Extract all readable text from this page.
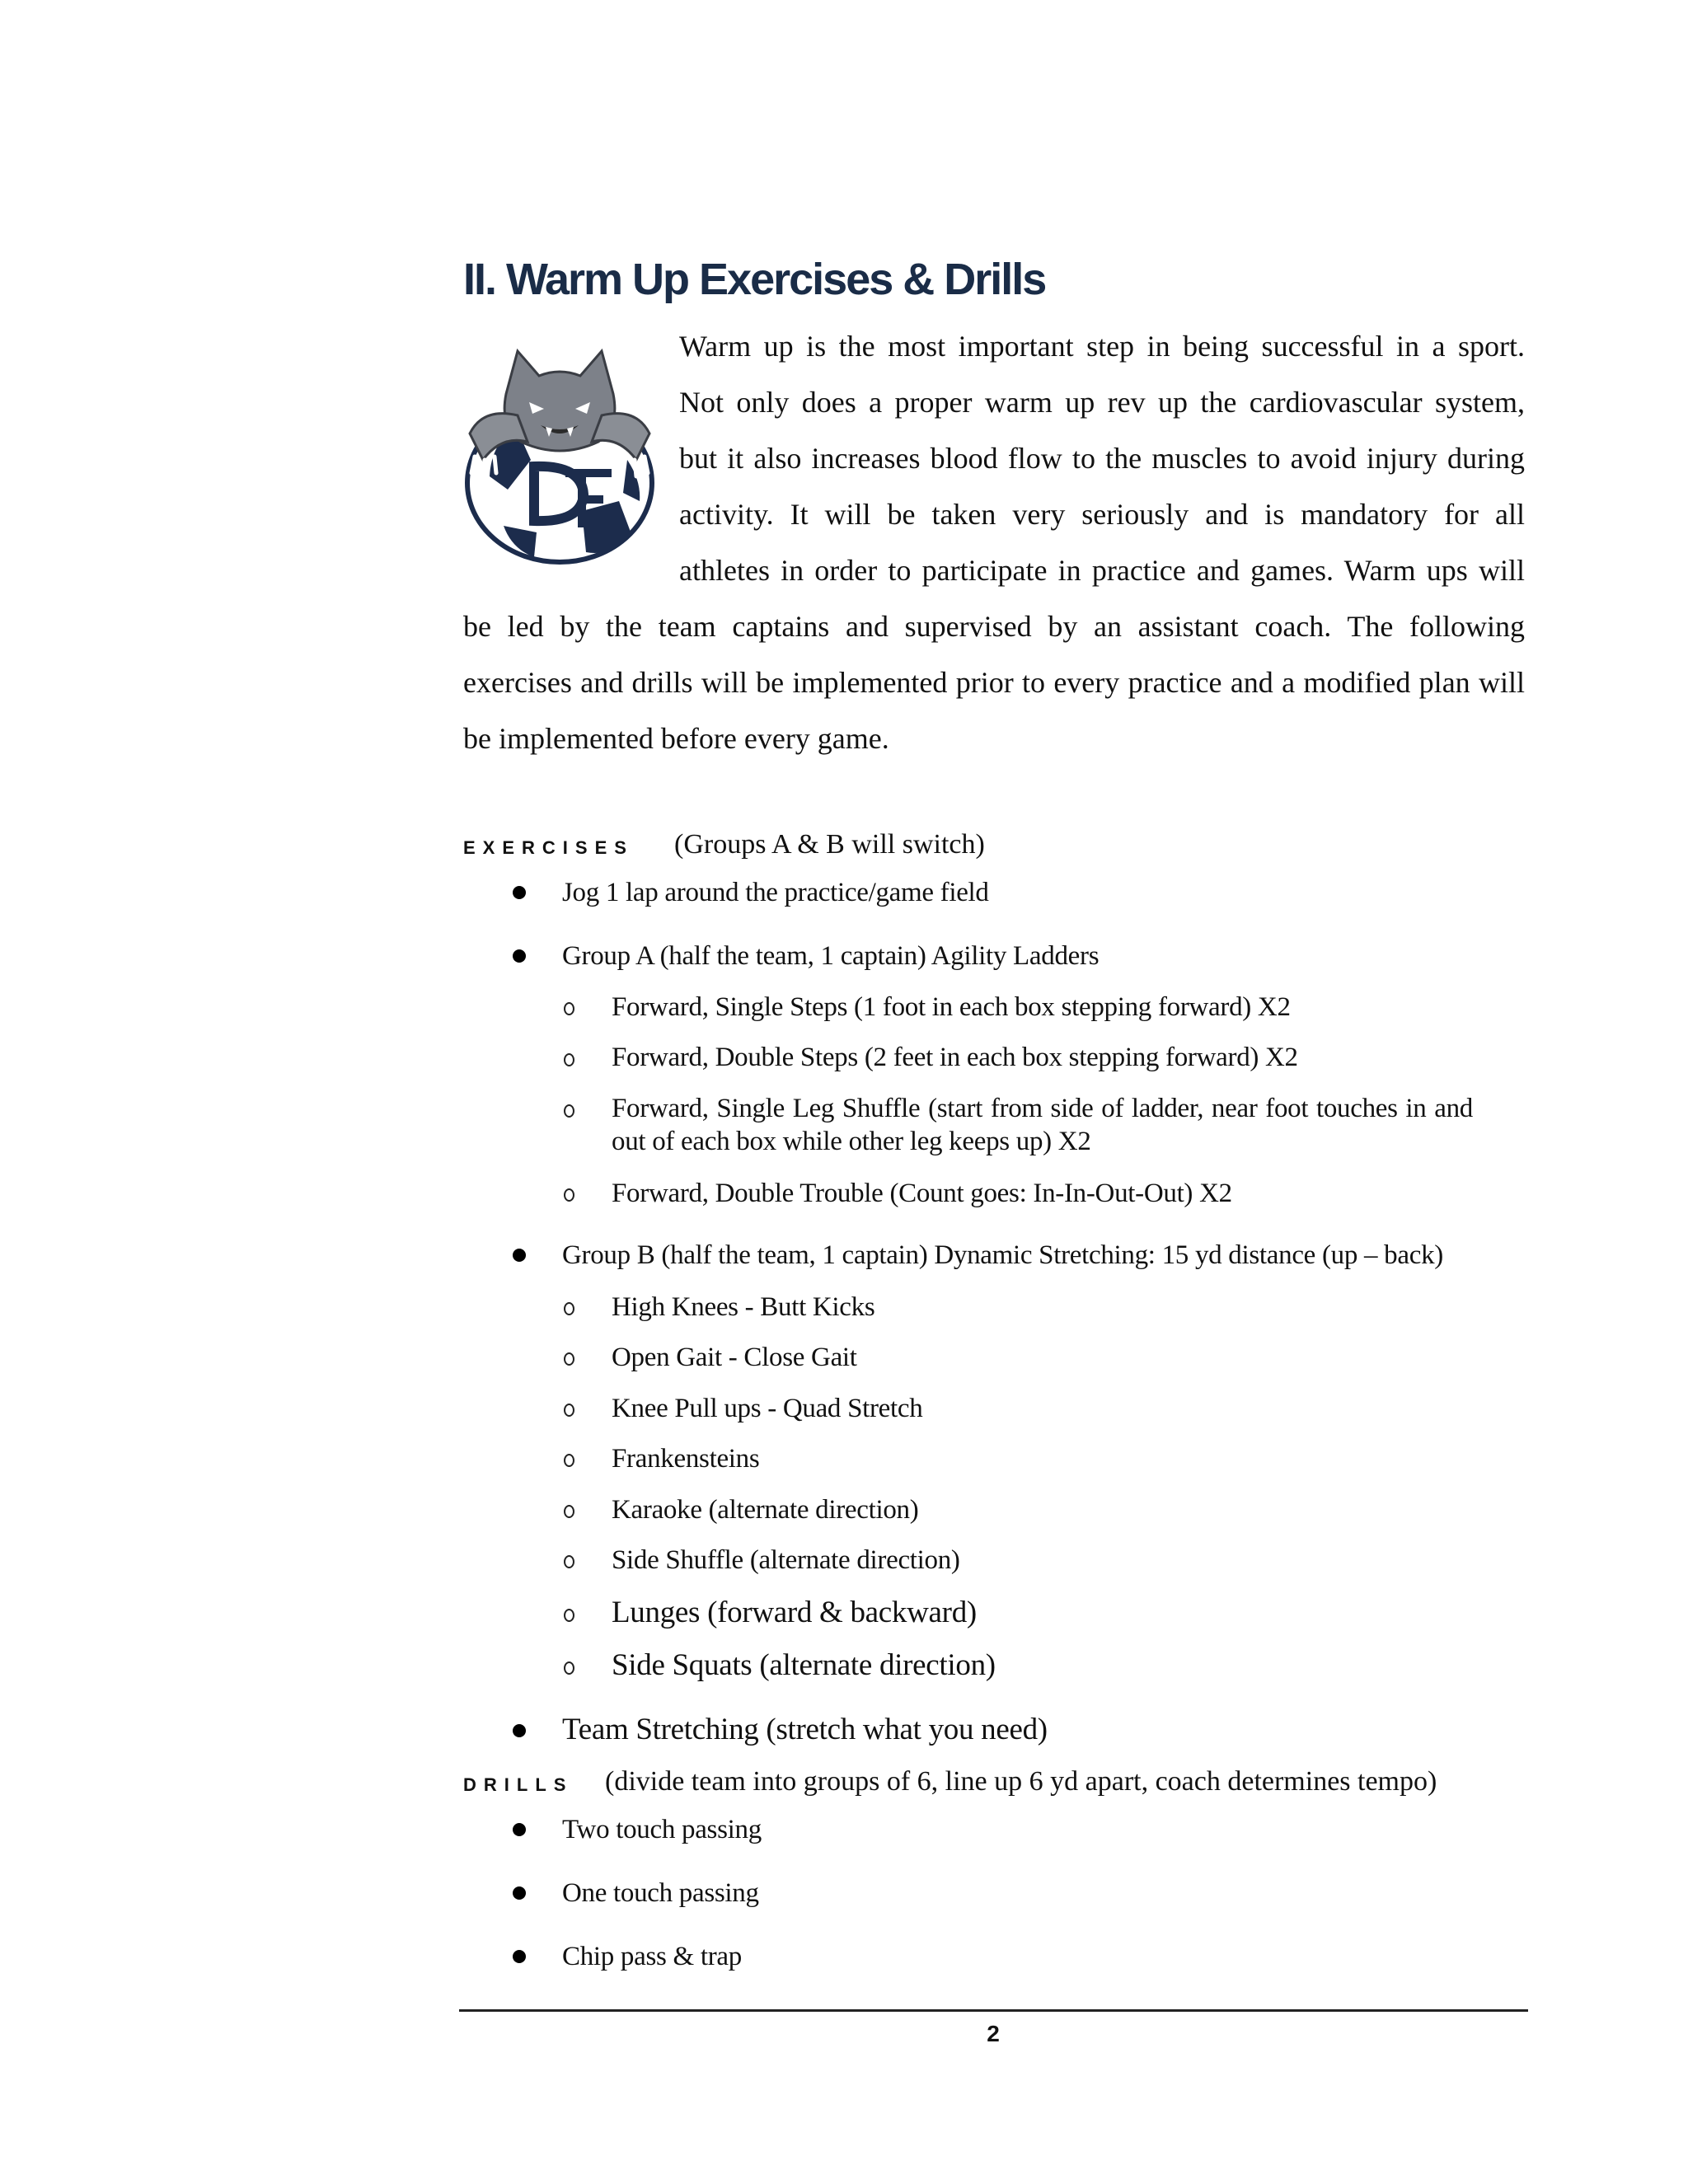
II. Warm Up Exercises & Drills
Warm up is the most important step in being successful in a sport.
Not only does a proper warm up rev up the cardiovascular system,
but it also increases blood flow to the muscles to avoid injury during
activity. It will be taken very seriously and is mandatory for all
athletes in order to participate in practice and games. Warm ups will
be led by the team captains and supervised by an assistant coach. The following
exercises and drills will be implemented prior to every practice and a modified plan will
be implemented before every game.
EXERCISES (Groups A & B will switch)
Jog 1 lap around the practice/game field
Group A (half the team, 1 captain) Agility Ladders
Forward, Single Steps (1 foot in each box stepping forward) X2
Forward, Double Steps (2 feet in each box stepping forward) X2
Forward, Single Leg Shuffle (start from side of ladder, near foot touches in and out of each box while other leg keeps up) X2
Forward, Double Trouble (Count goes: In-In-Out-Out) X2
Group B (half the team, 1 captain) Dynamic Stretching: 15 yd distance (up – back)
High Knees - Butt Kicks
Open Gait - Close Gait
Knee Pull ups - Quad Stretch
Frankensteins
Karaoke (alternate direction)
Side Shuffle (alternate direction)
Lunges (forward & backward)
Side Squats (alternate direction)
Team Stretching (stretch what you need)
DRILLS (divide team into groups of 6, line up 6 yd apart, coach determines tempo)
Two touch passing
One touch passing
Chip pass & trap
2
